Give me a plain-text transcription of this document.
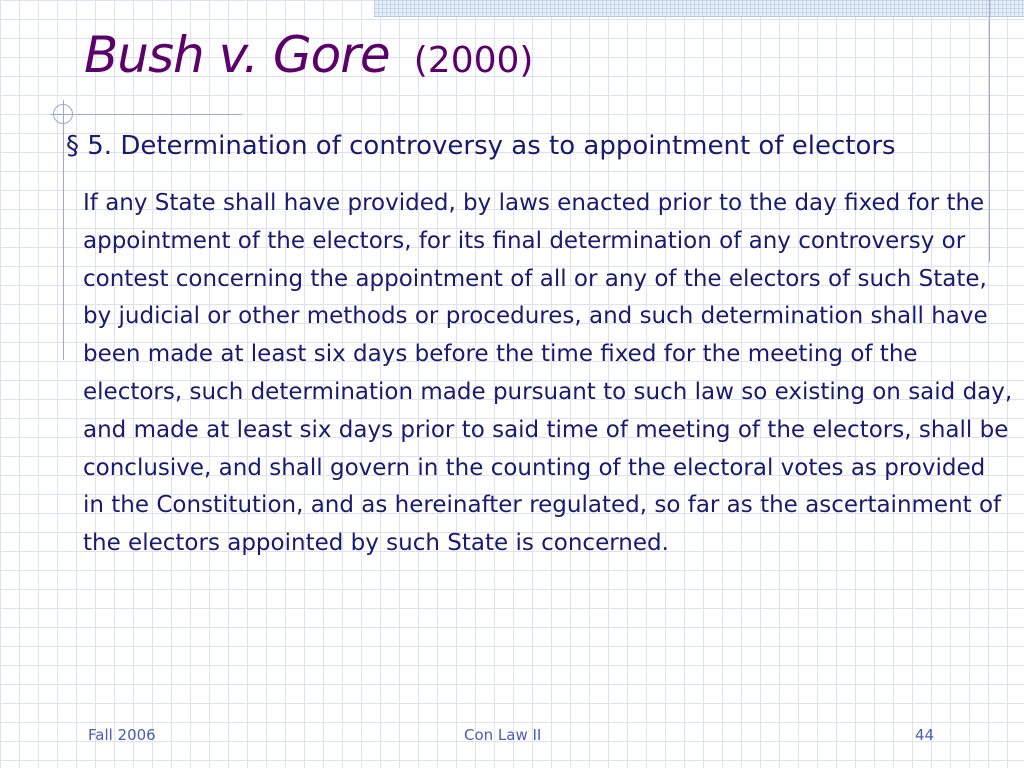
Bush v. Gore (2000)

§ 5. Determination of controversy as to appointment of electors

If any State shall have provided, by laws enacted prior to the day fixed for the appointment of the electors, for its final determination of any controversy or contest concerning the appointment of all or any of the electors of such State, by judicial or other methods or procedures, and such determination shall have been made at least six days before the time fixed for the meeting of the electors, such determination made pursuant to such law so existing on said day, and made at least six days prior to said time of meeting of the electors, shall be conclusive, and shall govern in the counting of the electoral votes as provided in the Constitution, and as hereinafter regulated, so far as the ascertainment of the electors appointed by such State is concerned.

Fall 2006	Con Law II	44
